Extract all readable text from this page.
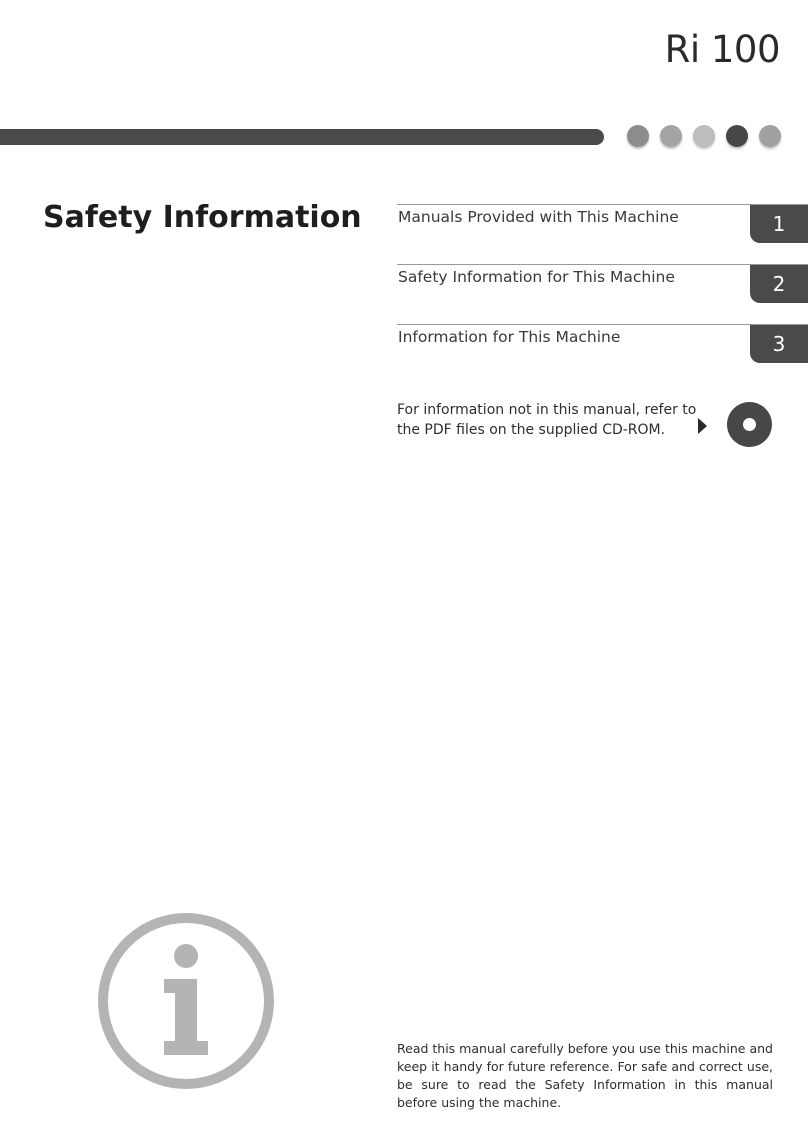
Ri 100
Safety Information Manuals Provided with This Machine	1
Safety Information for This Machine	2
Information for This Machine	3
For information not in this manual, refer to the PDF files on the supplied CD-ROM.
Read this manual carefully before you use this machine and keep it handy for future reference. For safe and correct use, be sure to read the Safety Information in this manual before using the machine.
